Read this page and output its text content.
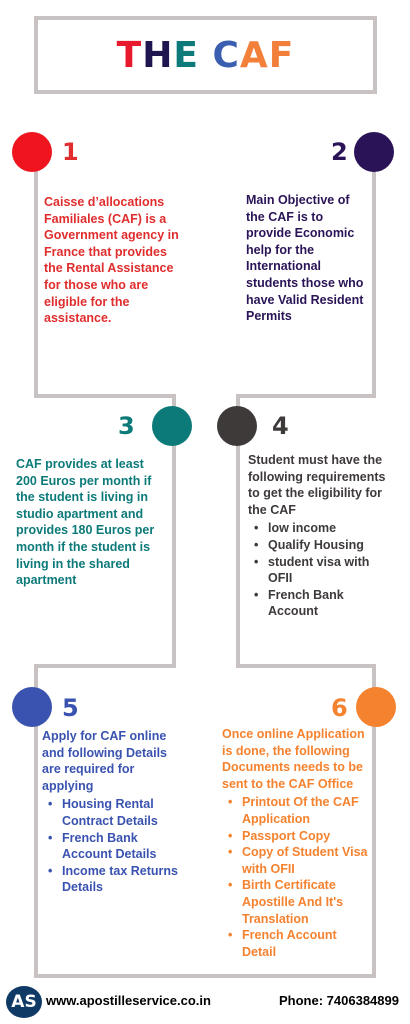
THE CAF
1
Caisse d’allocations Familiales (CAF) is a Government agency in France that provides the Rental Assistance for those who are eligible for the assistance.
2
Main Objective of the CAF is to provide Economic help for the International students those who have Valid Resident Permits
3
CAF provides at least 200 Euros per month if the student is living in studio apartment and provides 180 Euros per month if the student is living in the shared apartment
4
Student must have the following requirements to get the eligibility for the CAF
• low income
• Qualify Housing
• student visa with OFII
• French Bank Account
5
Apply for CAF online and following Details are required for applying
• Housing Rental Contract Details
• French Bank Account Details
• Income tax Returns Details
6
Once online Application is done, the following Documents needs to be sent to the CAF Office
• Printout Of the CAF Application
• Passport Copy
• Copy of Student Visa with OFII
• Birth Certificate Apostille And It's Translation
• French Account Detail
AS www.apostilleservice.co.in	Phone: 7406384899
